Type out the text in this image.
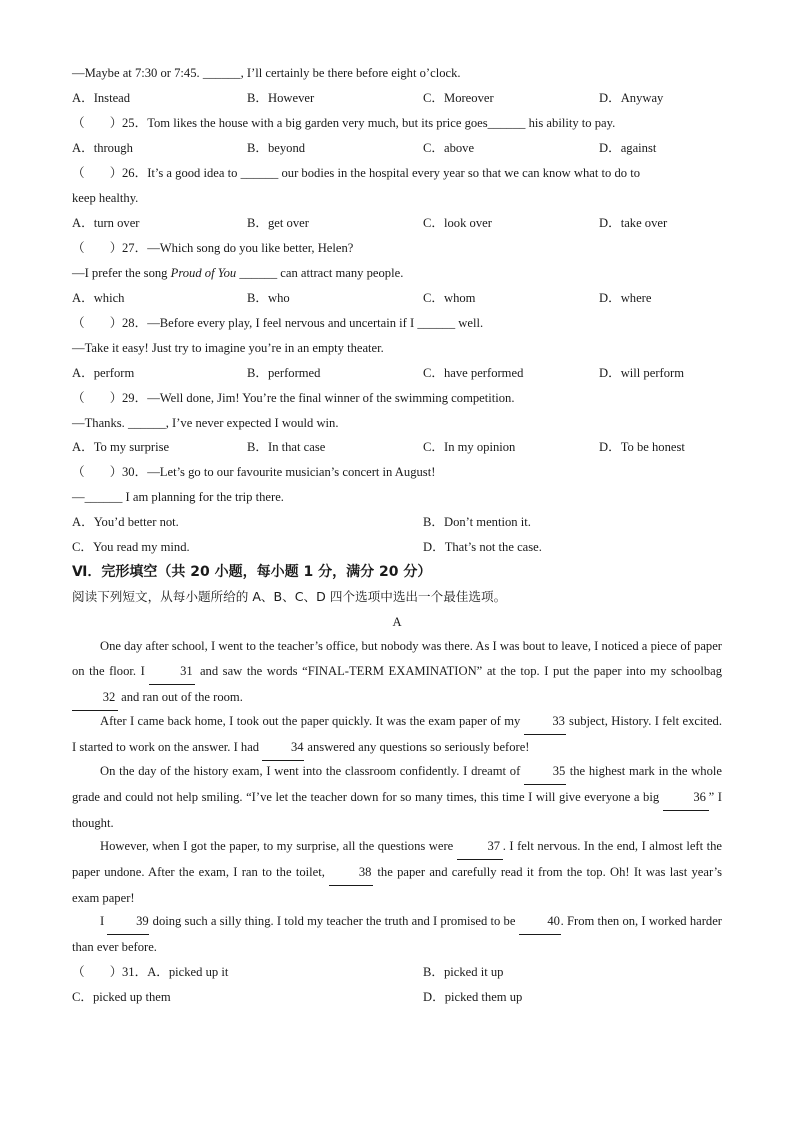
—Maybe at 7:30 or 7:45. ______, I’ll certainly be there before eight o’clock.
A．Instead	B．However	C．Moreover	D．Anyway
（　　）25．Tom likes the house with a big garden very much, but its price goes______ his ability to pay.
A．through	B．beyond	C．above	D．against
（　　）26．It’s a good idea to ______ our bodies in the hospital every year so that we can know what to do to
keep healthy.
A．turn over	B．get over	C．look over	D．take over
（　　）27．—Which song do you like better, Helen?
—I prefer the song Proud of You ______ can attract many people.
A．which	B．who	C．whom	D．where
（　　）28．—Before every play, I feel nervous and uncertain if I ______ well.
—Take it easy! Just try to imagine you’re in an empty theater.
A．perform	B．performed	C．have performed	D．will perform
（　　）29．—Well done, Jim! You’re the final winner of the swimming competition.
—Thanks. ______, I’ve never expected I would win.
A．To my surprise	B．In that case	C．In my opinion	D．To be honest
（　　）30．—Let’s go to our favourite musician’s concert in August!
—______ I am planning for the trip there.
A．You’d better not.	B．Don’t mention it.
C．You read my mind.	D．That’s not the case.
Ⅵ．完形填空（共 20 小题，每小题 1 分，满分 20 分）
阅读下列短文，从每小题所给的 A、B、C、D 四个选项中选出一个最佳选项。
A
One day after school, I went to the teacher’s office, but nobody was there. As I was bout to leave, I noticed a piece of paper on the floor. I 31 and saw the words “FINAL-TERM EXAMINATION” at the top. I put the paper into my schoolbag 32 and ran out of the room.
After I came back home, I took out the paper quickly. It was the exam paper of my 33 subject, History. I felt excited. I started to work on the answer. I had 34 answered any questions so seriously before!
On the day of the history exam, I went into the classroom confidently. I dreamt of 35 the highest mark in the whole grade and could not help smiling. “I’ve let the teacher down for so many times, this time I will give everyone a big 36 ” I thought.
However, when I got the paper, to my surprise, all the questions were 37 . I felt nervous. In the end, I almost left the paper undone. After the exam, I ran to the toilet, 38 the paper and carefully read it from the top. Oh! It was last year’s exam paper!
I 39 doing such a silly thing. I told my teacher the truth and I promised to be 40. From then on, I worked harder than ever before.
（　　）31．A．picked up it	B．picked it up
C．picked up them	D．picked them up
